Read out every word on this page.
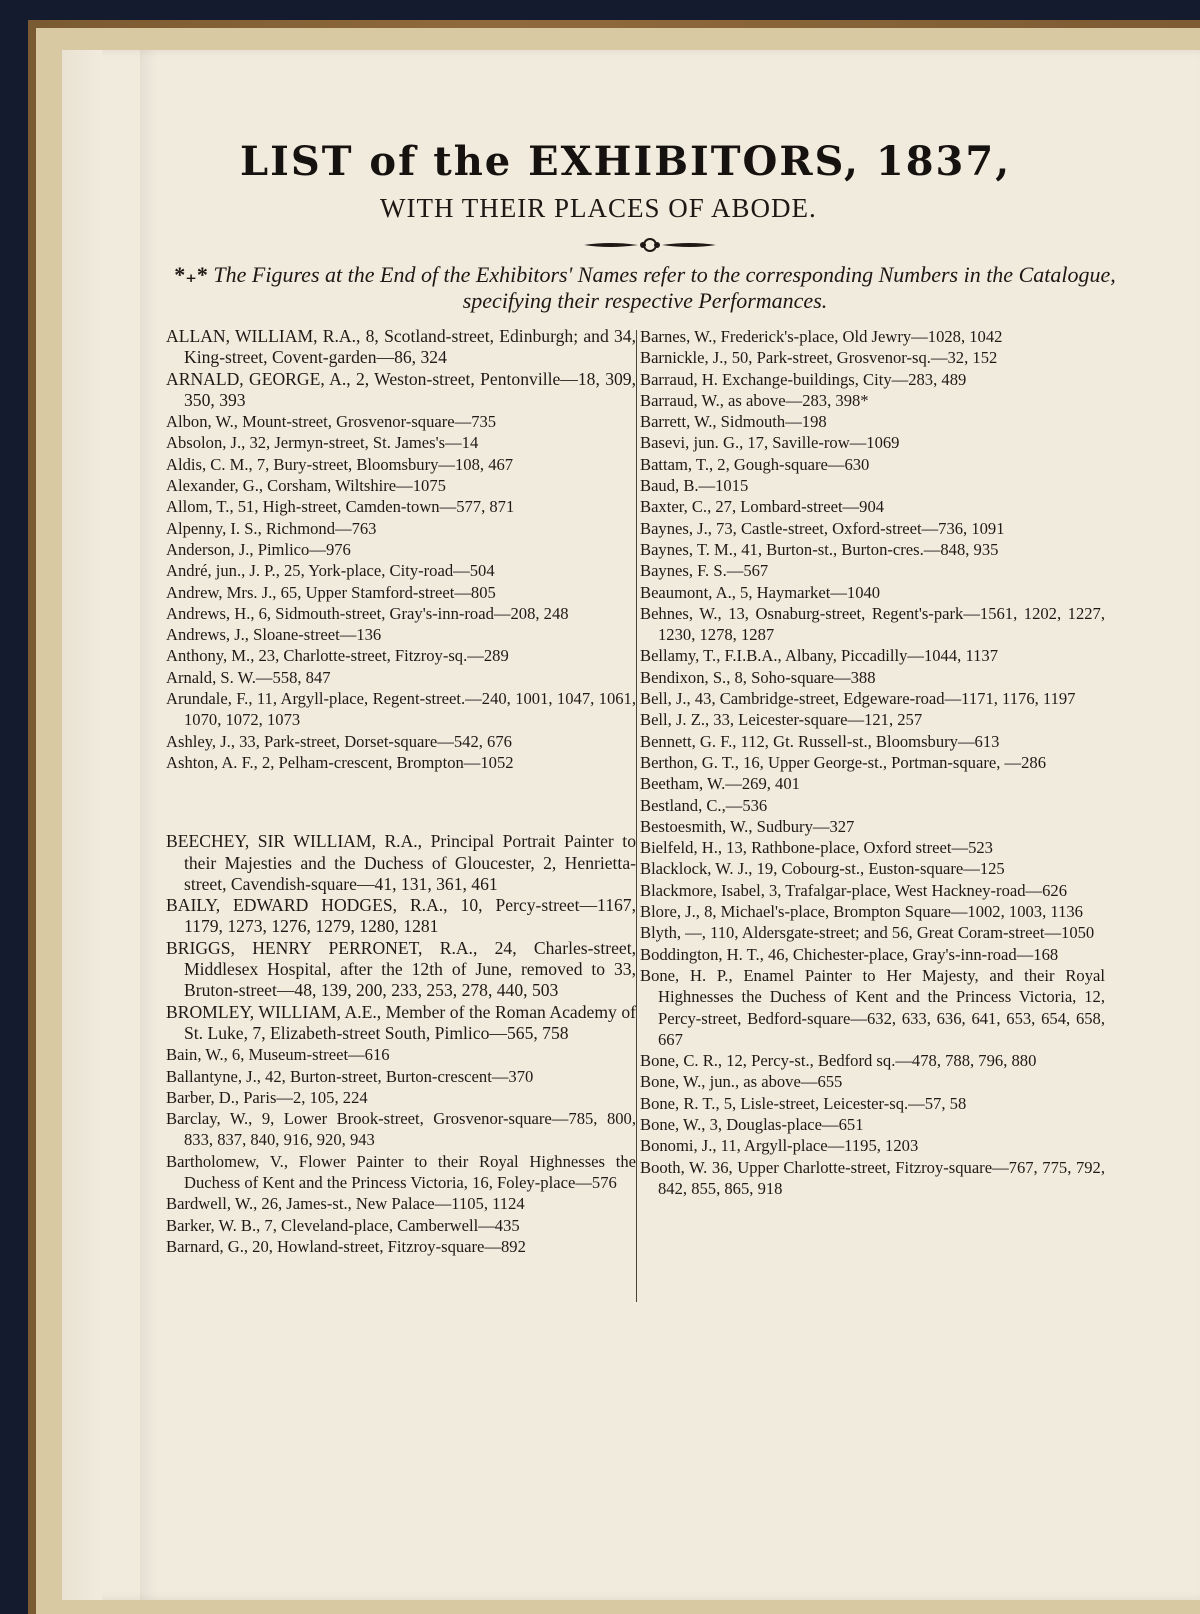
LIST of the EXHIBITORS, 1837,
WITH THEIR PLACES OF ABODE.
*₊* The Figures at the End of the Exhibitors' Names refer to the corresponding Numbers in the Catalogue, specifying their respective Performances.
ALLAN, WILLIAM, R.A., 8, Scotland-street, Edinburgh; and 34, King-street, Covent-garden—86, 324
ARNALD, GEORGE, A., 2, Weston-street, Pentonville—18, 309, 350, 393
Albon, W., Mount-street, Grosvenor-square—735
Absolon, J., 32, Jermyn-street, St. James's—14
Aldis, C. M., 7, Bury-street, Bloomsbury—108, 467
Alexander, G., Corsham, Wiltshire—1075
Allom, T., 51, High-street, Camden-town—577, 871
Alpenny, I. S., Richmond—763
Anderson, J., Pimlico—976
André, jun., J. P., 25, York-place, City-road—504
Andrew, Mrs. J., 65, Upper Stamford-street—805
Andrews, H., 6, Sidmouth-street, Gray's-inn-road—208, 248
Andrews, J., Sloane-street—136
Anthony, M., 23, Charlotte-street, Fitzroy-sq.—289
Arnald, S. W.—558, 847
Arundale, F., 11, Argyll-place, Regent-street.—240, 1001, 1047, 1061, 1070, 1072, 1073
Ashley, J., 33, Park-street, Dorset-square—542, 676
Ashton, A. F., 2, Pelham-crescent, Brompton—1052
BEECHEY, SIR WILLIAM, R.A., Principal Portrait Painter to their Majesties and the Duchess of Gloucester, 2, Henrietta-street, Cavendish-square—41, 131, 361, 461
BAILY, EDWARD HODGES, R.A., 10, Percy-street—1167, 1179, 1273, 1276, 1279, 1280, 1281
BRIGGS, HENRY PERRONET, R.A., 24, Charles-street, Middlesex Hospital, after the 12th of June, removed to 33, Bruton-street—48, 139, 200, 233, 253, 278, 440, 503
BROMLEY, WILLIAM, A.E., Member of the Roman Academy of St. Luke, 7, Elizabeth-street South, Pimlico—565, 758
Bain, W., 6, Museum-street—616
Ballantyne, J., 42, Burton-street, Burton-crescent—370
Barber, D., Paris—2, 105, 224
Barclay, W., 9, Lower Brook-street, Grosvenor-square—785, 800, 833, 837, 840, 916, 920, 943
Bartholomew, V., Flower Painter to their Royal Highnesses the Duchess of Kent and the Princess Victoria, 16, Foley-place—576
Bardwell, W., 26, James-st., New Palace—1105, 1124
Barker, W. B., 7, Cleveland-place, Camberwell—435
Barnard, G., 20, Howland-street, Fitzroy-square—892
Barnes, W., Frederick's-place, Old Jewry—1028, 1042
Barnickle, J., 50, Park-street, Grosvenor-sq.—32, 152
Barraud, H. Exchange-buildings, City—283, 489
Barraud, W., as above—283, 398*
Barrett, W., Sidmouth—198
Basevi, jun. G., 17, Saville-row—1069
Battam, T., 2, Gough-square—630
Baud, B.—1015
Baxter, C., 27, Lombard-street—904
Baynes, J., 73, Castle-street, Oxford-street—736, 1091
Baynes, T. M., 41, Burton-st., Burton-cres.—848, 935
Baynes, F. S.—567
Beaumont, A., 5, Haymarket—1040
Behnes, W., 13, Osnaburg-street, Regent's-park—1561, 1202, 1227, 1230, 1278, 1287
Bellamy, T., F.I.B.A., Albany, Piccadilly—1044, 1137
Bendixon, S., 8, Soho-square—388
Bell, J., 43, Cambridge-street, Edgeware-road—1171, 1176, 1197
Bell, J. Z., 33, Leicester-square—121, 257
Bennett, G. F., 112, Gt. Russell-st., Bloomsbury—613
Berthon, G. T., 16, Upper George-st., Portman-square, —286
Beetham, W.—269, 401
Bestland, C.,—536
Bestoesmith, W., Sudbury—327
Bielfeld, H., 13, Rathbone-place, Oxford street—523
Blacklock, W. J., 19, Cobourg-st., Euston-square—125
Blackmore, Isabel, 3, Trafalgar-place, West Hackney-road—626
Blore, J., 8, Michael's-place, Brompton Square—1002, 1003, 1136
Blyth, —, 110, Aldersgate-street; and 56, Great Coram-street—1050
Boddington, H. T., 46, Chichester-place, Gray's-inn-road—168
Bone, H. P., Enamel Painter to Her Majesty, and their Royal Highnesses the Duchess of Kent and the Princess Victoria, 12, Percy-street, Bedford-square—632, 633, 636, 641, 653, 654, 658, 667
Bone, C. R., 12, Percy-st., Bedford sq.—478, 788, 796, 880
Bone, W., jun., as above—655
Bone, R. T., 5, Lisle-street, Leicester-sq.—57, 58
Bone, W., 3, Douglas-place—651
Bonomi, J., 11, Argyll-place—1195, 1203
Booth, W. 36, Upper Charlotte-street, Fitzroy-square—767, 775, 792, 842, 855, 865, 918
